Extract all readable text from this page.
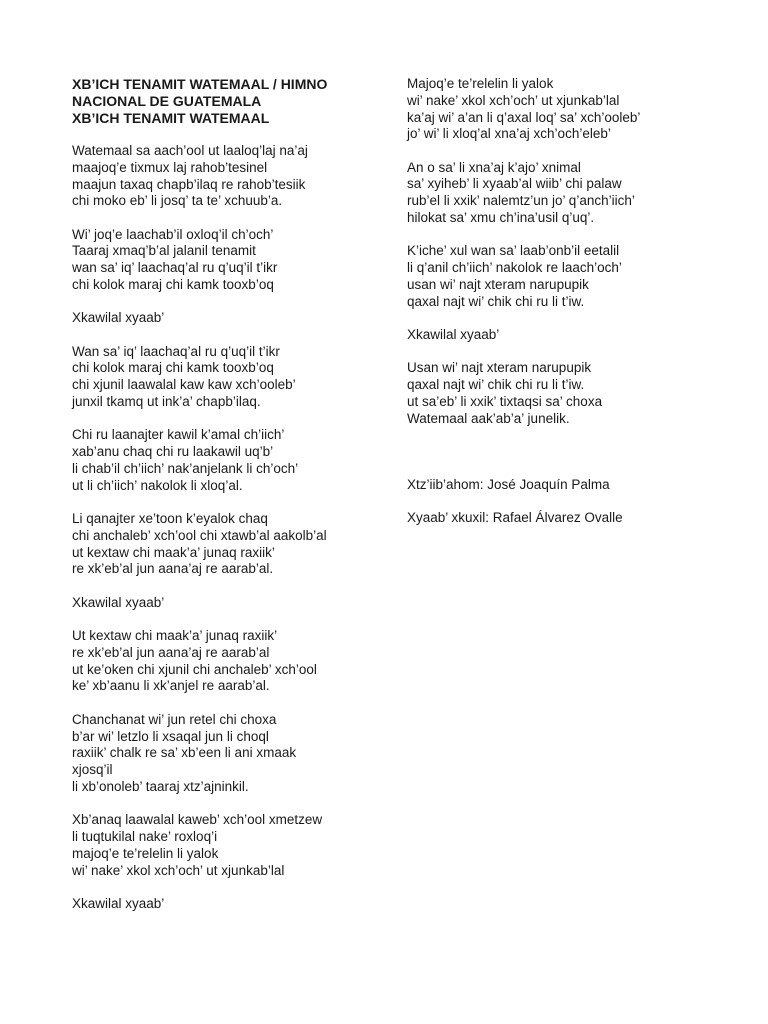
XB’ICH TENAMIT WATEMAAL / HIMNO
NACIONAL DE GUATEMALA
XB’ICH TENAMIT WATEMAAL
Watemaal sa aach’ool ut laaloq’laj na’aj
maajoq’e tixmux laj rahob’tesinel
maajun taxaq chapb’ilaq re rahob’tesiik
chi moko eb’ li josq’ ta te’ xchuub’a.
Wi’ joq’e laachab’il oxloq’il ch’och’
Taaraj xmaq’b’al jalanil tenamit
wan sa’ iq’ laachaq’al ru q’uq’il t’ikr
chi kolok maraj chi kamk tooxb’oq
Xkawilal xyaab’
Wan sa’ iq’ laachaq’al ru q’uq’il t’ikr
chi kolok maraj chi kamk tooxb’oq
chi xjunil laawalal kaw kaw xch’ooleb’
junxil tkamq ut ink’a’ chapb’ilaq.
Chi ru laanajter kawil k’amal ch’iich’
xab’anu chaq chi ru laakawil uq’b’
li chab’il ch’iich’ nak’anjelank li ch’och’
ut li ch’iich’ nakolok li xloq’al.
Li qanajter xe’toon k’eyalok chaq
chi anchaleb’ xch’ool chi xtawb’al aakolb’al
ut kextaw chi maak’a’ junaq raxiik’
re xk’eb’al jun aana’aj re aarab’al.
Xkawilal xyaab’
Ut kextaw chi maak’a’ junaq raxiik’
re xk’eb’al jun aana’aj re aarab’al
ut ke’oken chi xjunil chi anchaleb’ xch’ool
ke’ xb’aanu li xk’anjel re aarab’al.
Chanchanat wi’ jun retel chi choxa
b’ar wi’ letzlo li xsaqal jun li choql
raxiik’ chalk re sa’ xb’een li ani xmaak
xjosq’il
li xb’onoleb’ taaraj xtz’ajninkil.
Xb’anaq laawalal kaweb’ xch’ool xmetzew
li tuqtukilal nake’ roxloq’i
majoq’e te’relelin li yalok
wi’ nake’ xkol xch’och’ ut xjunkab’lal
Xkawilal xyaab’
Majoq’e te’relelin li yalok
wi’ nake’ xkol xch’och’ ut xjunkab’lal
ka’aj wi’ a’an li q’axal loq’ sa’ xch’ooleb’
jo’ wi’ li xloq’al xna’aj xch’och’eleb’
An o sa’ li xna’aj k’ajo’ xnimal
sa’ xyiheb’ li xyaab’al wiib’ chi palaw
rub’el li xxik’ nalemtz’un jo’ q’anch’iich’
hilokat sa’ xmu ch’ina’usil q’uq’.
K’iche’ xul wan sa’ laab’onb’il eetalil
li q’anil ch’iich’ nakolok re laach’och’
usan wi’ najt xteram narupupik
qaxal najt wi’ chik chi ru li t’iw.
Xkawilal xyaab’
Usan wi’ najt xteram narupupik
qaxal najt wi’ chik chi ru li t’iw.
ut sa’eb’ li xxik’ tixtaqsi sa’ choxa
Watemaal aak’ab’a’ junelik.
Xtz’iib’ahom: José Joaquín Palma
Xyaab’ xkuxil: Rafael Álvarez Ovalle
